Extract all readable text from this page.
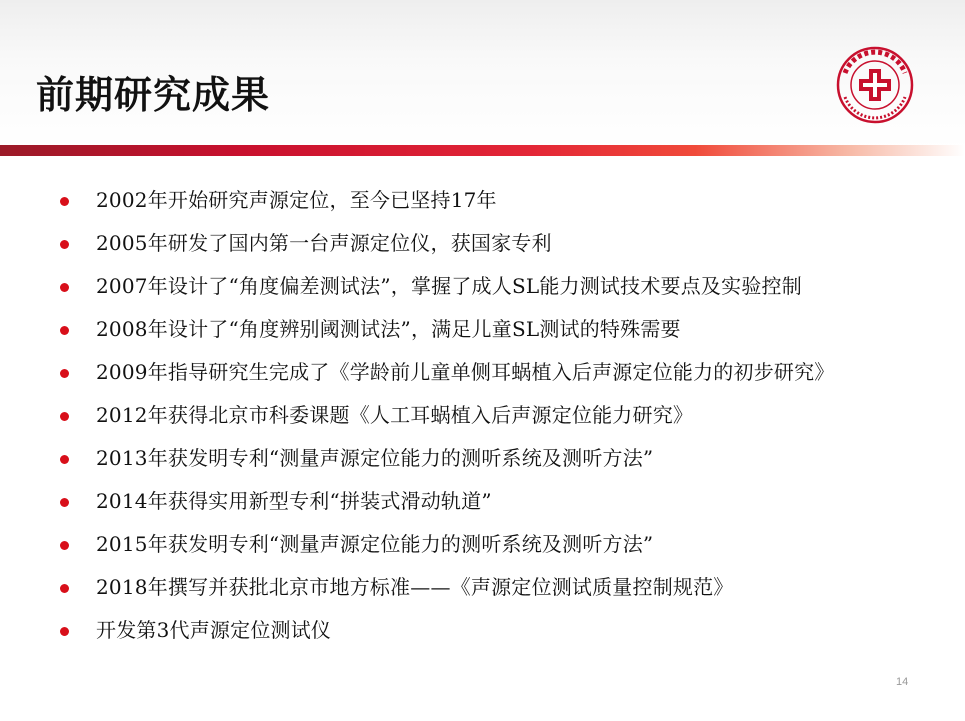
前期研究成果
2002年开始研究声源定位，至今已坚持17年
2005年研发了国内第一台声源定位仪，获国家专利
2007年设计了“角度偏差测试法”，掌握了成人SL能力测试技术要点及实验控制
2008年设计了“角度辨别阈测试法”，满足儿童SL测试的特殊需要
2009年指导研究生完成了《学龄前儿童单侧耳蜗植入后声源定位能力的初步研究》
2012年获得北京市科委课题《人工耳蜗植入后声源定位能力研究》
2013年获发明专利“测量声源定位能力的测听系统及测听方法”
2014年获得实用新型专利“拼装式滑动轨道”
2015年获发明专利“测量声源定位能力的测听系统及测听方法”
2018年撰写并获批北京市地方标准——《声源定位测试质量控制规范》
开发第3代声源定位测试仪
14
